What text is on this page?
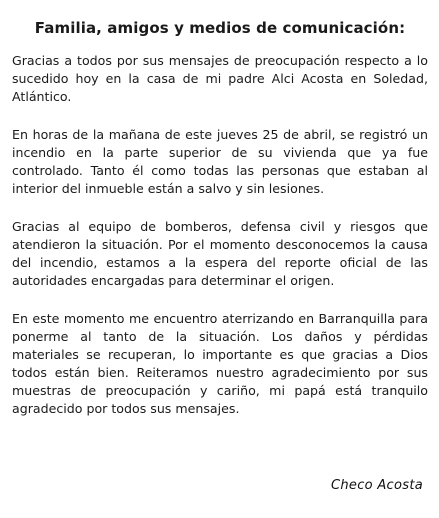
Familia, amigos y medios de comunicación:

Gracias a todos por sus mensajes de preocupación respecto a lo sucedido hoy en la casa de mi padre Alci Acosta en Soledad, Atlántico.

En horas de la mañana de este jueves 25 de abril, se registró un incendio en la parte superior de su vivienda que ya fue controlado. Tanto él como todas las personas que estaban al interior del inmueble están a salvo y sin lesiones.

Gracias al equipo de bomberos, defensa civil y riesgos que atendieron la situación. Por el momento desconocemos la causa del incendio, estamos a la espera del reporte oficial de las autoridades encargadas para determinar el origen.

En este momento me encuentro aterrizando en Barranquilla para ponerme al tanto de la situación. Los daños y pérdidas materiales se recuperan, lo importante es que gracias a Dios todos están bien. Reiteramos nuestro agradecimiento por sus muestras de preocupación y cariño, mi papá está tranquilo agradecido por todos sus mensajes.

Checo Acosta
